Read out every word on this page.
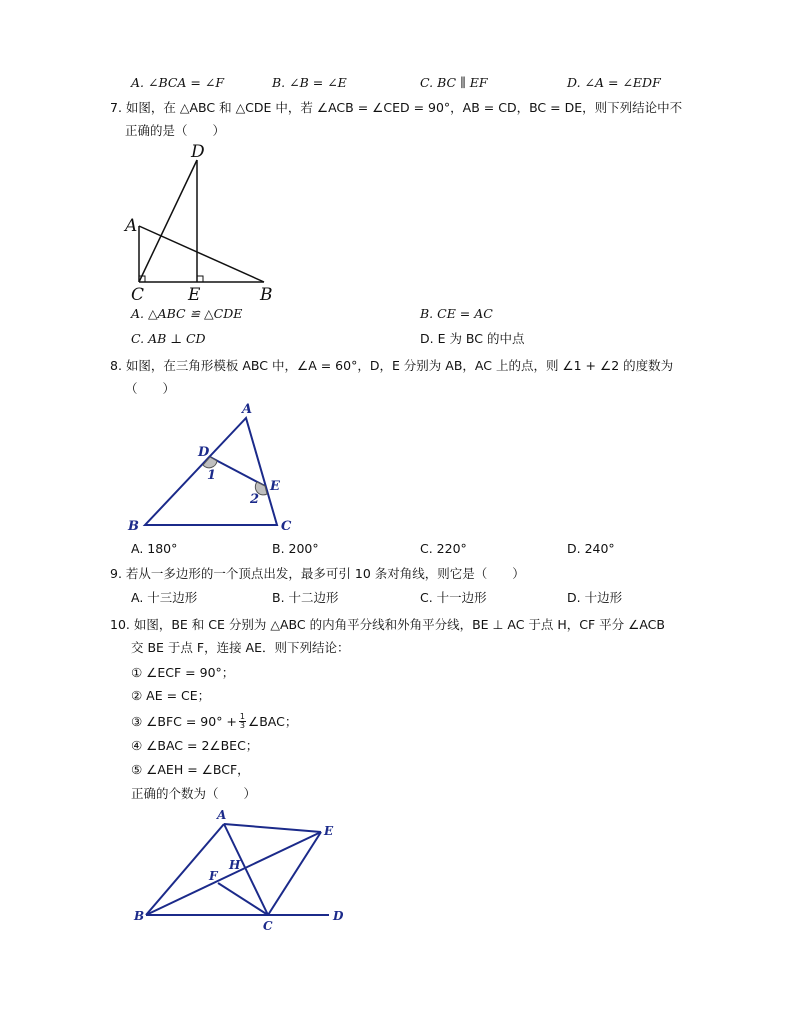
A. ∠BCA = ∠F	B. ∠B = ∠E	C. BC ∥ EF	D. ∠A = ∠EDF
7. 如图，在 △ABC 和 △CDE 中，若 ∠ACB = ∠CED = 90°，AB = CD，BC = DE，则下列结论中不
正确的是（　　）
D
A
C	E	B
A. △ABC ≌ △CDE	B. CE = AC
C. AB ⊥ CD	D. E 为 BC 的中点
8. 如图，在三角形模板 ABC 中，∠A = 60°，D，E 分别为 AB，AC 上的点，则 ∠1 + ∠2 的度数为
（　　）
A
D
1
E
2
B	C
A. 180°	B. 200°	C. 220°	D. 240°
9. 若从一多边形的一个顶点出发，最多可引 10 条对角线，则它是（　　）
A. 十三边形	B. 十二边形	C. 十一边形	D. 十边形
10. 如图，BE 和 CE 分别为 △ABC 的内角平分线和外角平分线，BE ⊥ AC 于点 H，CF 平分 ∠ACB
交 BE 于点 F，连接 AE．则下列结论：
① ∠ECF = 90°；
② AE = CE；
③ ∠BFC = $90^\circ + \frac{1}{3}$ ∠BAC；
④ ∠BAC = 2∠BEC；
⑤ ∠AEH = ∠BCF，
正确的个数为（　　）
A
E
H
F
B
C
D
